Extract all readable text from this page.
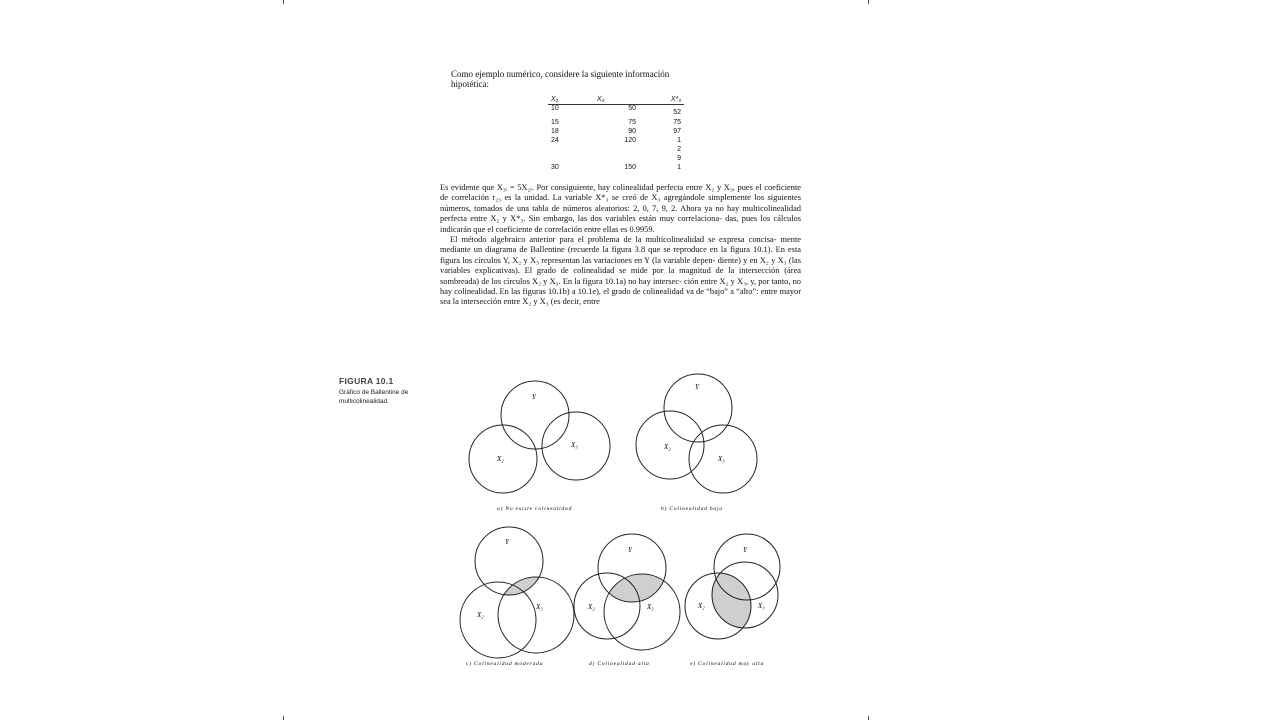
Como ejemplo numérico, considere la siguiente información hipotética:
X₂	X₃	X*₃
10	50	52
15	75	75
18	90	97
24	120	1
		2
		9
30	150	1

Es evidente que X₃ᵢ = 5X₂ᵢ. Por consiguiente, hay colinealidad perfecta entre X₂ y X₃, pues el coeficiente de correlación r₂₃ es la unidad. La variable X*₃ se creó de X₃ agregándole simplemente los siguientes números, tomados de una tabla de números aleatorios: 2, 0, 7, 9, 2. Ahora ya no hay multicolinealidad perfecta entre X₂ y X*₃. Sin embargo, las dos variables están muy correlaciona- das, pues los cálculos indicarán que el coeficiente de correlación entre ellas es 0.9959.

El método algebraico anterior para el problema de la multicolinealidad se expresa concisa- mente mediante un diagrama de Ballentine (recuerde la figura 3.8 que se reproduce en la figura 10.1). En esta figura los círculos Y, X₂ y X₃ representan las variaciones en Y (la variable depen- diente) y en X₂ y X₃ (las variables explicativas). El grado de colinealidad se mide por la magnitud de la intersección (área sombreada) de los círculos X₂ y X₃. En la figura 10.1a) no hay intersec- ción entre X₂ y X₃, y, por tanto, no hay colinealidad. En las figuras 10.1b) a 10.1e), el grado de colinealidad va de “bajo” a “alto”: entre mayor sea la intersección entre X₂ y X₃ (es decir, entre

FIGURA 10.1
Gráfico de Ballentine de multicolinealidad.
Y
X₂
X₃
a) No existe colinealidad
Y
X₂
X₃
b) Colinealidad baja
Y
X₂
X₃
c) Colinealidad moderada
Y
X₂	X₃
d) Colinealidad alta
Y
X₂	X₃
e) Colinealidad muy alta
